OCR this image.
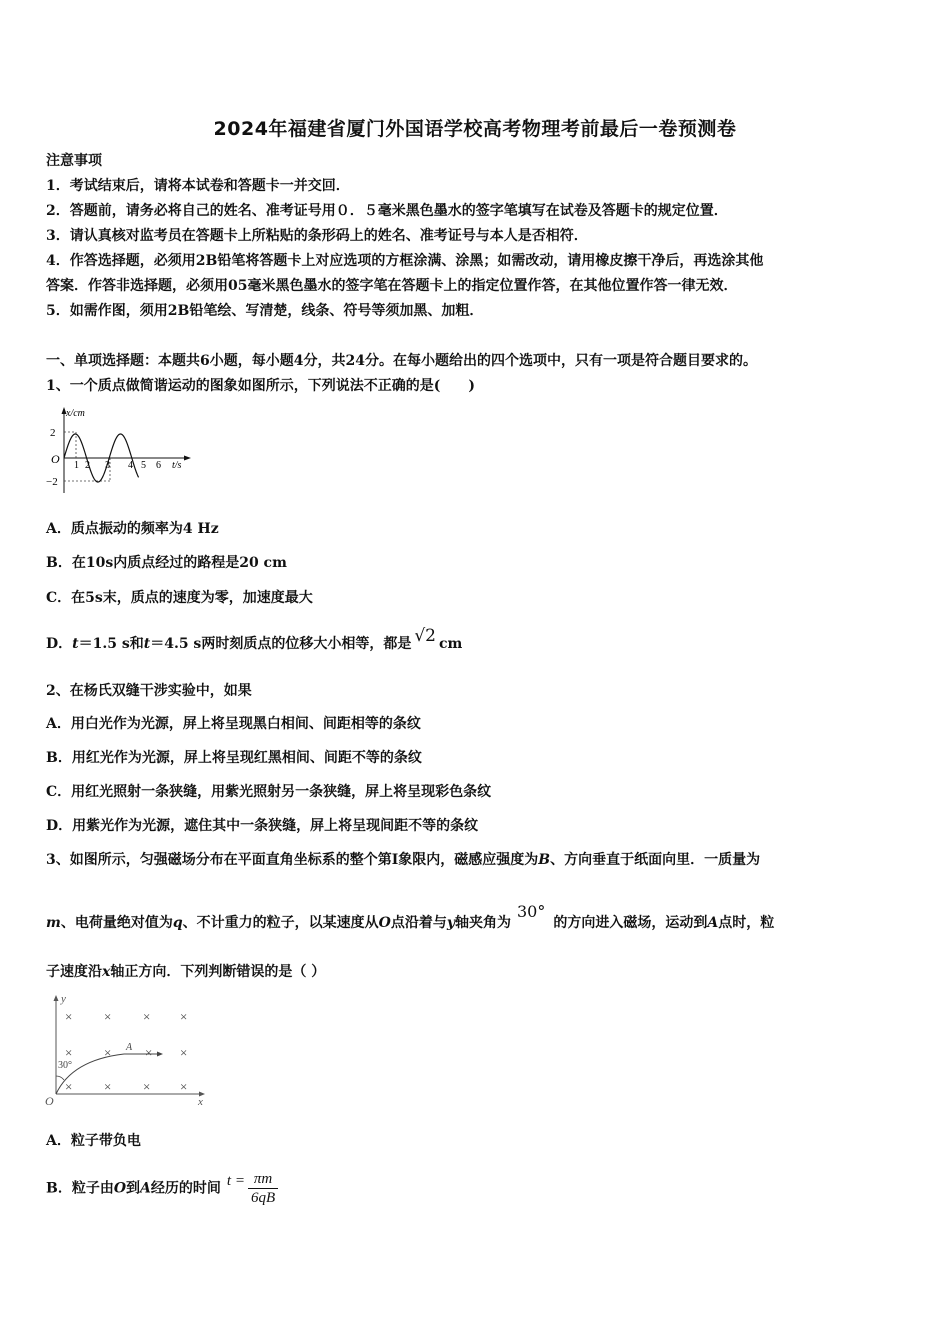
2024年福建省厦门外国语学校高考物理考前最后一卷预测卷
注意事项
1．考试结束后，请将本试卷和答题卡一并交回．
2．答题前，请务必将自己的姓名、准考证号用０．５毫米黑色墨水的签字笔填写在试卷及答题卡的规定位置．
3．请认真核对监考员在答题卡上所粘贴的条形码上的姓名、准考证号与本人是否相符．
4．作答选择题，必须用2B铅笔将答题卡上对应选项的方框涂满、涂黑；如需改动，请用橡皮擦干净后，再选涂其他
答案．作答非选择题，必须用05毫米黑色墨水的签字笔在答题卡上的指定位置作答，在其他位置作答一律无效．
5．如需作图，须用2B铅笔绘、写清楚，线条、符号等须加黑、加粗．
一、单项选择题：本题共6小题，每小题4分，共24分。在每小题给出的四个选项中，只有一项是符合题目要求的。
1、一个质点做简谐运动的图象如图所示，下列说法不正确的是(　　)
x/cm
2
−2
O 1 2 3 4 5 6 t/s
A．质点振动的频率为4 Hz
B．在10s内质点经过的路程是20 cm
C．在5s末，质点的速度为零，加速度最大
D．t＝1.5 s和t＝4.5 s两时刻质点的位移大小相等，都是 √2 cm
2、在杨氏双缝干涉实验中，如果
A．用白光作为光源，屏上将呈现黑白相间、间距相等的条纹
B．用红光作为光源，屏上将呈现红黑相间、间距不等的条纹
C．用红光照射一条狭缝，用紫光照射另一条狭缝，屏上将呈现彩色条纹
D．用紫光作为光源，遮住其中一条狭缝，屏上将呈现间距不等的条纹
3、如图所示，匀强磁场分布在平面直角坐标系的整个第Ⅰ象限内，磁感应强度为B、方向垂直于纸面向里．一质量为
m、电荷量绝对值为q、不计重力的粒子，以某速度从O点沿着与y轴夹角为30°的方向进入磁场，运动到A点时，粒
子速度沿x轴正方向．下列判断错误的是（ ）
y
x
O
× × × ×
× ×	× ×
× × × ×
A
30°
A．粒子带负电
B．粒子由O到A经历的时间 $t = \frac{\pi m}{6qB}$
